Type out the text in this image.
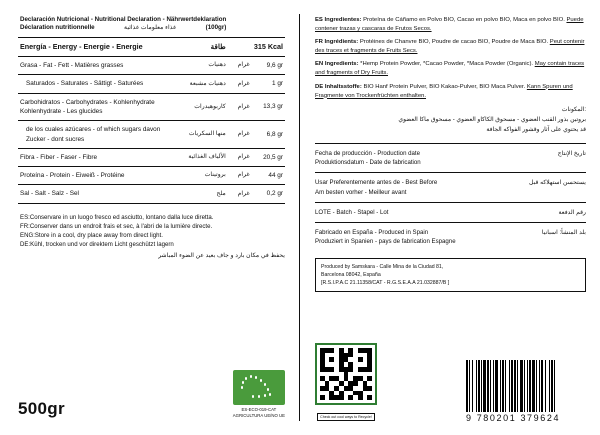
Declaración Nutricional - Nutritional Declaration - Nährwertdeklaration
Déclaration nutritionnelle	غذاء معلومات غذائية	(100gr)
Energía - Energy - Energie - Energie	طاقة		315 Kcal
Grasa - Fat - Fett - Matières grasses	دهنيات	غرام	9,6 gr
Saturados - Saturates - Sättigt - Saturées	دهنيات مشبعة	غرام	1 gr
Carbohidratos - Carbohydrates - Kohlenhydrate Kohlenhydrate - Les glucides	كاربوهيدرات	غرام	13,3 gr
de los cuales azúcares - of which sugars davon Zucker - dont sucres	منها السكريات	غرام	6,8 gr
Fibra - Fiber - Faser - Fibre	الألياف الغذائية	غرام	20,5 gr
Proteína - Protein - Eiweiß - Protéine	بروتينات	غرام	44 gr
Sal - Salt - Salz - Sel	ملح	غرام	0,2 gr
ES:Conservare in un luogo fresco ed asciutto, lontano dalla luce diretta.
FR:Conserver dans un endroit frais et sec, à l'abri de la lumière directe.
ENG:Store in a cool, dry place away from direct light.
DE:Kühl, trocken und vor direktem Licht geschützt lagern
يحفظ في مكان بارد و جاف بعيد عن الضوء المباشر
500gr	ES-ECO-019-CAT
AGRICULTURA UE/NO UE
ES Ingredientes: Proteína de Cáñamo en Polvo BIO, Cacao en polvo BIO, Maca en polvo BIO. Puede contener trazas y cascaras de Frutos Secos.
FR Ingrédients: Protéines de Chanvre BIO, Poudre de cacao BIO, Poudre de Maca BIO. Peut contenir des traces et fragments de Fruits Secs.
EN Ingredients: *Hemp Protein Powder, *Cacao Powder, *Maca Powder (Organic). May contain traces and fragments of Dry Fruits.
DE Inhaltsstoffe: BIO Hanf Protein Pulver, BIO Kakao-Pulver, BIO Maca Pulver. Kann Spuren und Fragmente von Trockenfrüchten enthalten.
المكونات:
بروتين بذور القنب العضوي - مسحوق الكاكاو العضوي - مسحوق ماكا العضوي
قد يحتوي على آثار وقشور الفواكه الجافة
Fecha de producción - Production date
Produktionsdatum - Date de fabrication
تاريخ الإنتاج
Usar Preferentemente antes de - Best Before
Am besten vorher - Meilleur avant
يستحسن استهلاكه قبل
LOTE - Batch - Stapel - Lot	رقم الدفعة
Fabricado en España - Produced in Spain
Produziert in Spanien - pays de fabrication Espagne
بلد المنشأ: اسبانيا
Produced by Samskara - Calle Mina de la Ciudad 81,
Barcelona 08042, España
[R.S.I.P.A.C 21.11358/CAT - R.G.S.E.A.A 21.032887/B ]
Check out cool ways to Recycle!	9 780201 379624
